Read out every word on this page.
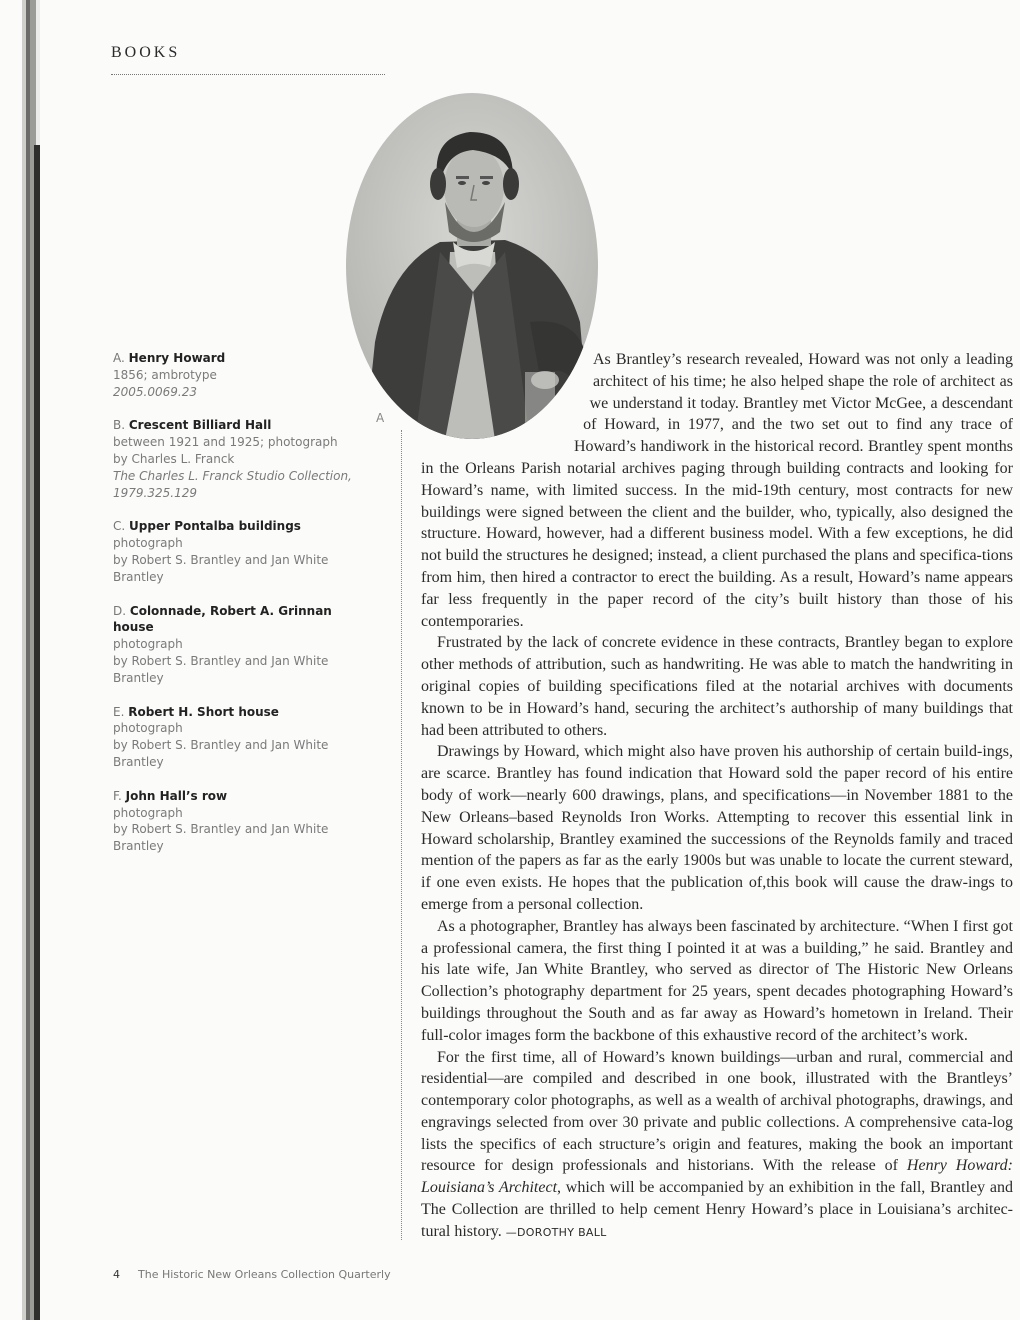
BOOKS
A. Henry Howard
1856; ambrotype
2005.0069.23
B. Crescent Billiard Hall
between 1921 and 1925; photograph
by Charles L. Franck
The Charles L. Franck Studio Collection,
1979.325.129
C. Upper Pontalba buildings
photograph
by Robert S. Brantley and Jan White
Brantley
D. Colonnade, Robert A. Grinnan house
photograph
by Robert S. Brantley and Jan White
Brantley
E. Robert H. Short house
photograph
by Robert S. Brantley and Jan White
Brantley
F. John Hall’s row
photograph
by Robert S. Brantley and Jan White
Brantley
A

As Brantley’s research revealed, Howard was not only a leading architect of his time; he also helped shape the role of architect as we understand it today. Brantley met Victor McGee, a descendant of Howard, in 1977, and the two set out to find any trace of Howard’s handiwork in the historical record. Brantley spent months in the Orleans Parish notarial archives paging through building contracts and looking for Howard’s name, with limited success. In the mid-19th century, most contracts for new buildings were signed between the client and the builder, who, typically, also designed the structure. Howard, however, had a different business model. With a few exceptions, he did not build the structures he designed; instead, a client purchased the plans and specifica-tions from him, then hired a contractor to erect the building. As a result, Howard’s name appears far less frequently in the paper record of the city’s built history than those of his contemporaries.

Frustrated by the lack of concrete evidence in these contracts, Brantley began to explore other methods of attribution, such as handwriting. He was able to match the handwriting in original copies of building specifications filed at the notarial archives with documents known to be in Howard’s hand, securing the architect’s authorship of many buildings that had been attributed to others.

Drawings by Howard, which might also have proven his authorship of certain build-ings, are scarce. Brantley has found indication that Howard sold the paper record of his entire body of work—nearly 600 drawings, plans, and specifications—in November 1881 to the New Orleans–based Reynolds Iron Works. Attempting to recover this essential link in Howard scholarship, Brantley examined the successions of the Reynolds family and traced mention of the papers as far as the early 1900s but was unable to locate the current steward, if one even exists. He hopes that the publication of,this book will cause the draw-ings to emerge from a personal collection.

As a photographer, Brantley has always been fascinated by architecture. “When I first got a professional camera, the first thing I pointed it at was a building,” he said. Brantley and his late wife, Jan White Brantley, who served as director of The Historic New Orleans Collection’s photography department for 25 years, spent decades photographing Howard’s buildings throughout the South and as far away as Howard’s hometown in Ireland. Their full-color images form the backbone of this exhaustive record of the architect’s work.

For the first time, all of Howard’s known buildings—urban and rural, commercial and residential—are compiled and described in one book, illustrated with the Brantleys’ contemporary color photographs, as well as a wealth of archival photographs, drawings, and engravings selected from over 30 private and public collections. A comprehensive cata-log lists the specifics of each structure’s origin and features, making the book an important resource for design professionals and historians. With the release of Henry Howard: Louisiana’s Architect, which will be accompanied by an exhibition in the fall, Brantley and The Collection are thrilled to help cement Henry Howard’s place in Louisiana’s architec-tural history. —DOROTHY BALL

4 The Historic New Orleans Collection Quarterly
